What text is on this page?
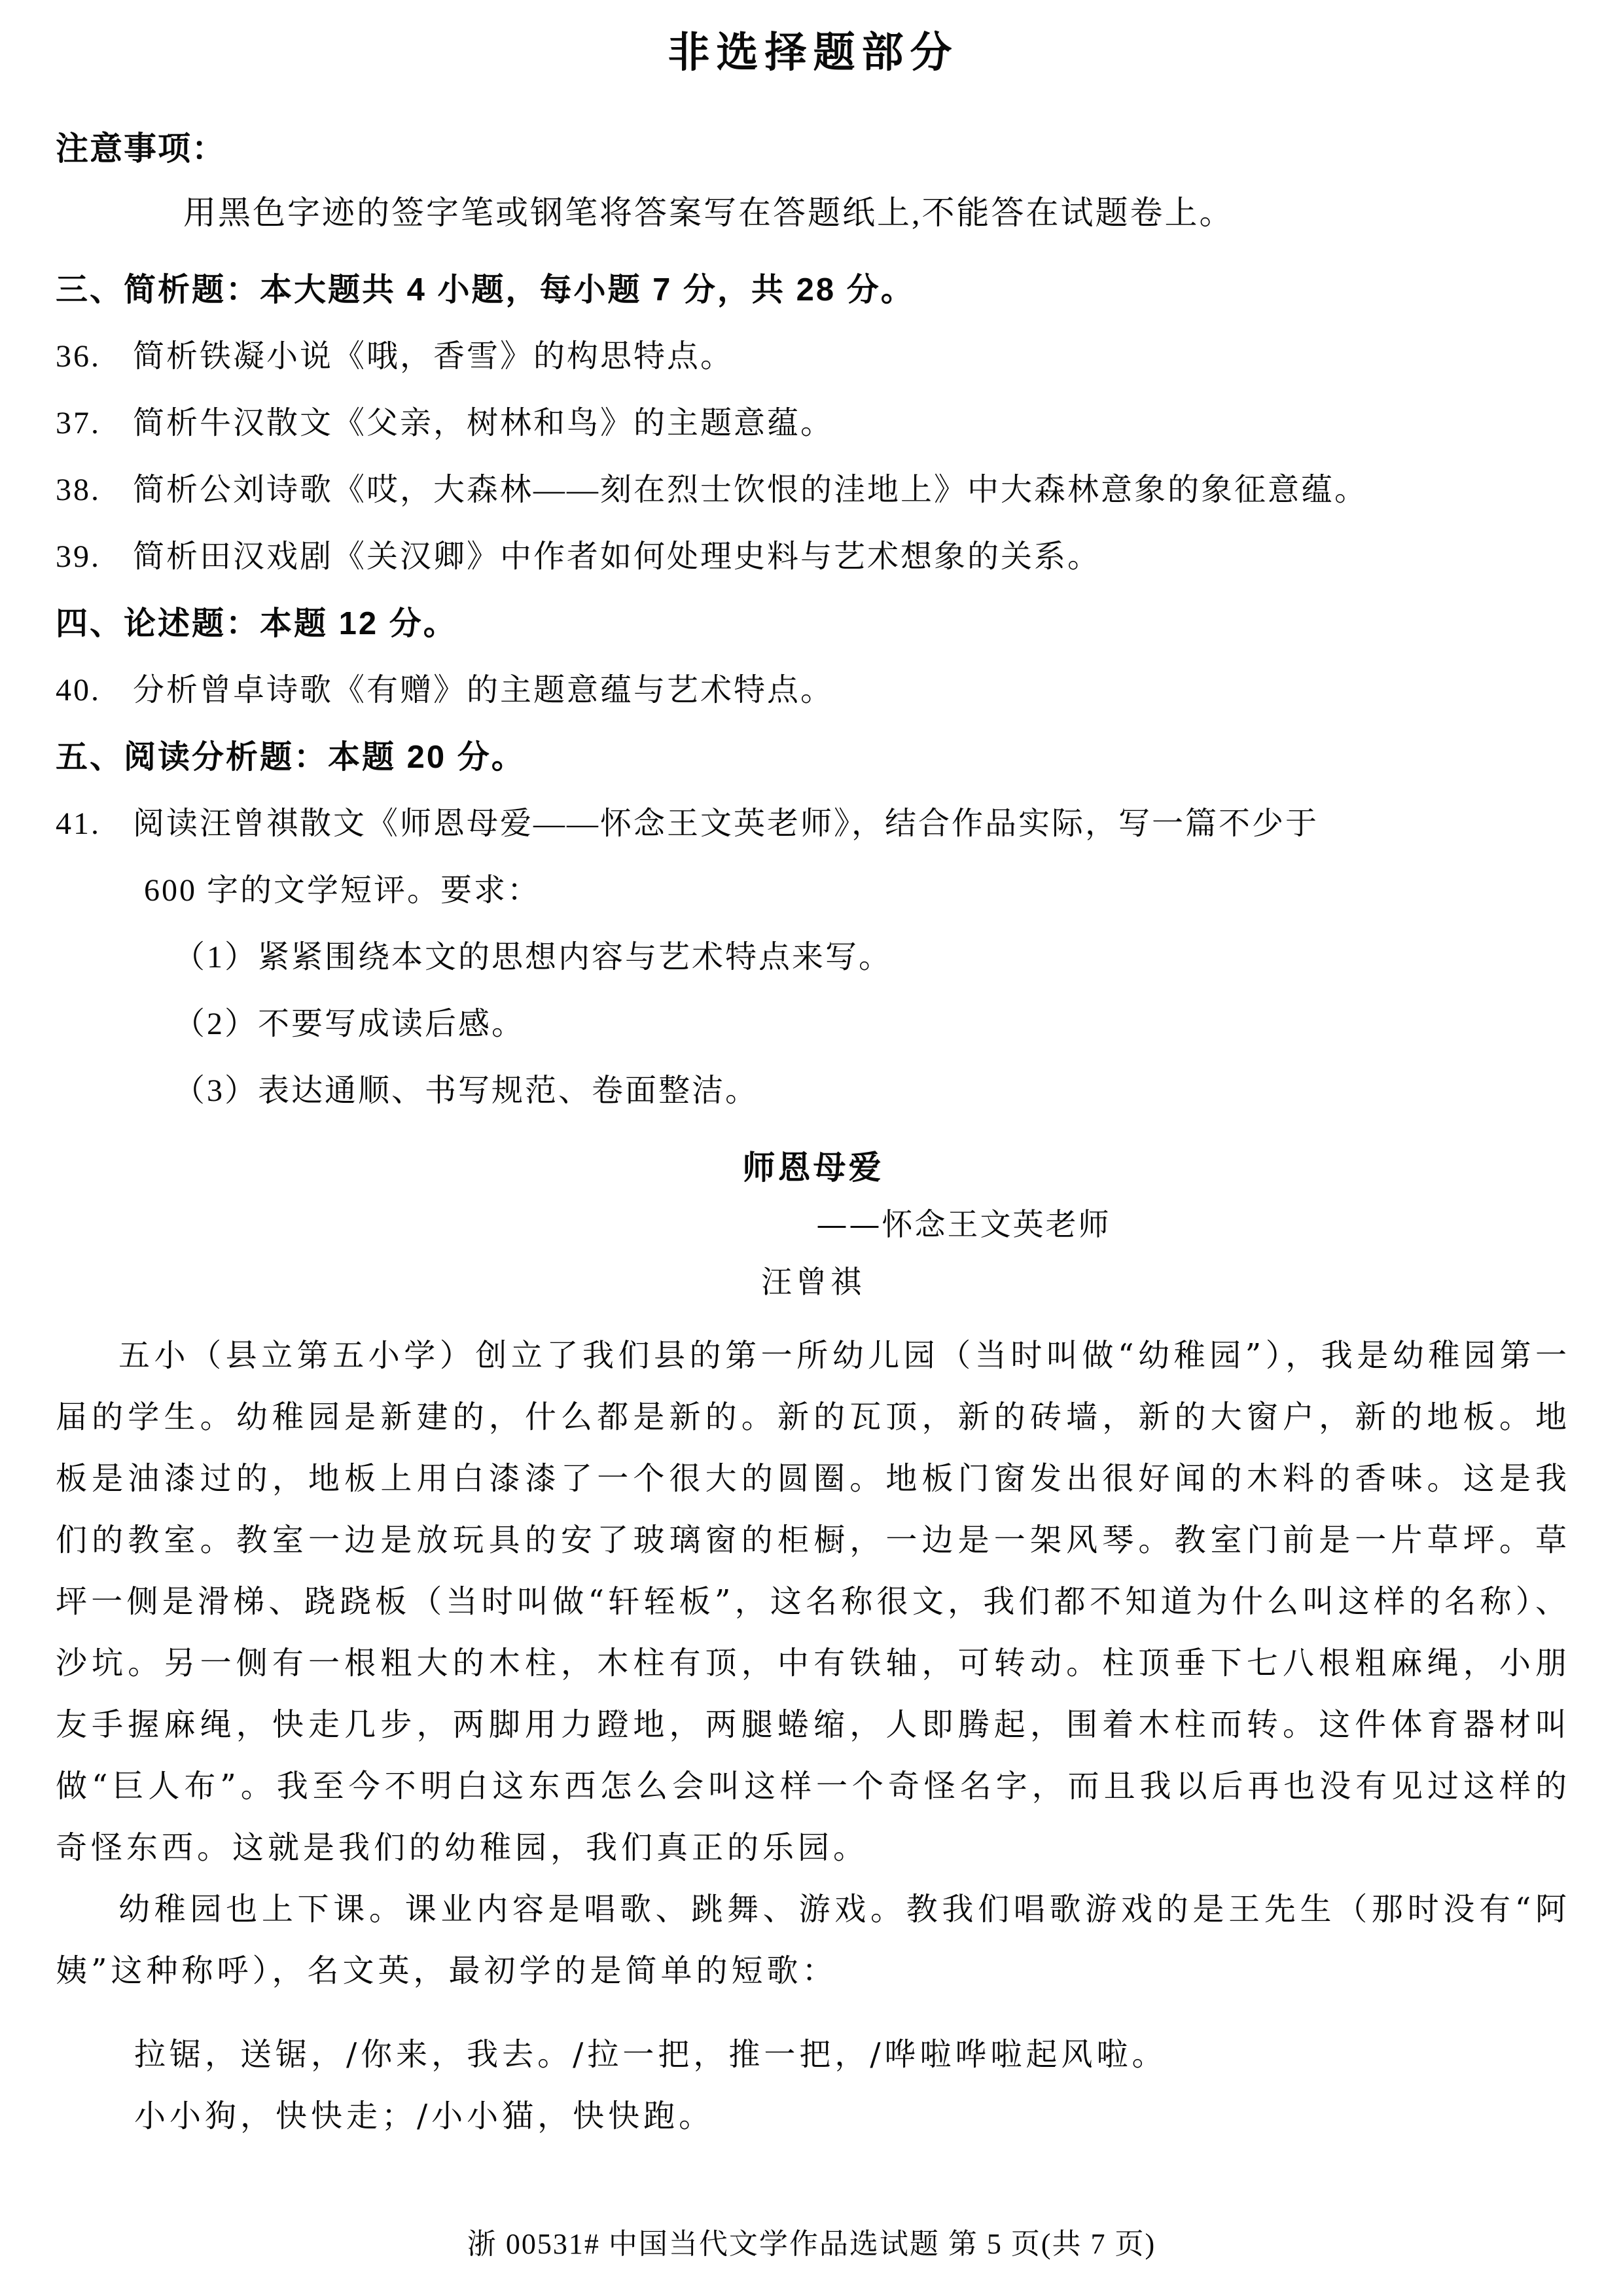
非选择题部分
注意事项：
用黑色字迹的签字笔或钢笔将答案写在答题纸上,不能答在试题卷上。
三、简析题：本大题共 4 小题，每小题 7 分，共 28 分。
36. 简析铁凝小说《哦，香雪》的构思特点。
37. 简析牛汉散文《父亲，树林和鸟》的主题意蕴。
38. 简析公刘诗歌《哎，大森林——刻在烈士饮恨的洼地上》中大森林意象的象征意蕴。
39. 简析田汉戏剧《关汉卿》中作者如何处理史料与艺术想象的关系。
四、论述题：本题 12 分。
40. 分析曾卓诗歌《有赠》的主题意蕴与艺术特点。
五、阅读分析题：本题 20 分。
41. 阅读汪曾祺散文《师恩母爱——怀念王文英老师》，结合作品实际，写一篇不少于
600 字的文学短评。要求：
（1）紧紧围绕本文的思想内容与艺术特点来写。
（2）不要写成读后感。
（3）表达通顺、书写规范、卷面整洁。
师恩母爱
——怀念王文英老师
汪曾祺

五小（县立第五小学）创立了我们县的第一所幼儿园（当时叫做“幼稚园”），我是幼稚园第一届的学生。幼稚园是新建的，什么都是新的。新的瓦顶，新的砖墙，新的大窗户，新的地板。地板是油漆过的，地板上用白漆漆了一个很大的圆圈。地板门窗发出很好闻的木料的香味。这是我们的教室。教室一边是放玩具的安了玻璃窗的柜橱，一边是一架风琴。教室门前是一片草坪。草坪一侧是滑梯、跷跷板（当时叫做“轩轾板”，这名称很文，我们都不知道为什么叫这样的名称）、沙坑。另一侧有一根粗大的木柱，木柱有顶，中有铁轴，可转动。柱顶垂下七八根粗麻绳，小朋友手握麻绳，快走几步，两脚用力蹬地，两腿蜷缩，人即腾起，围着木柱而转。这件体育器材叫做“巨人布”。我至今不明白这东西怎么会叫这样一个奇怪名字，而且我以后再也没有见过这样的奇怪东西。这就是我们的幼稚园，我们真正的乐园。

幼稚园也上下课。课业内容是唱歌、跳舞、游戏。教我们唱歌游戏的是王先生（那时没有“阿姨”这种称呼），名文英，最初学的是简单的短歌：

拉锯，送锯，/你来，我去。/拉一把，推一把，/哗啦哗啦起风啦。
小小狗，快快走；/小小猫，快快跑。
浙 00531# 中国当代文学作品选试题 第 5 页(共 7 页)
